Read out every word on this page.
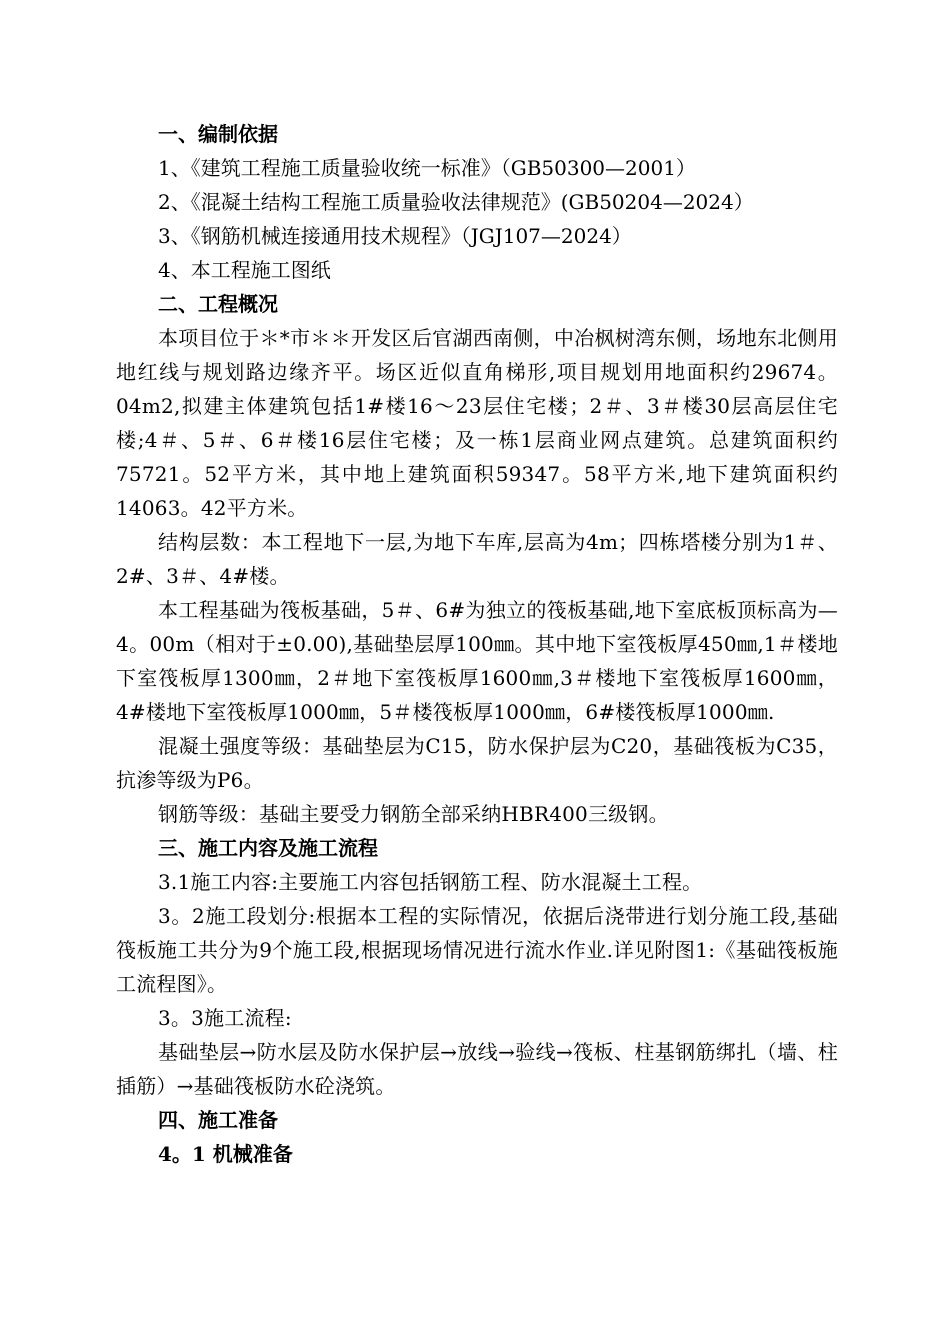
一、编制依据
1、《建筑工程施工质量验收统一标准》（GB50300—2001）
2、《混凝土结构工程施工质量验收法律规范》(GB50204—2024）
3、《钢筋机械连接通用技术规程》（JGJ107—2024）
4、本工程施工图纸
二、工程概况

本项目位于＊*市＊＊开发区后官湖西南侧，中冶枫树湾东侧，场地东北侧用地红线与规划路边缘齐平。场区近似直角梯形,项目规划用地面积约29674。04m2,拟建主体建筑包括1#楼16～23层住宅楼；2＃、3＃楼30层高层住宅楼;4＃、5＃、6＃楼16层住宅楼；及一栋1层商业网点建筑。总建筑面积约75721。52平方米，其中地上建筑面积59347。58平方米,地下建筑面积约14063。42平方米。

结构层数：本工程地下一层,为地下车库,层高为4m；四栋塔楼分别为1＃、2#、3＃、4#楼。

本工程基础为筏板基础，5＃、6#为独立的筏板基础,地下室底板顶标高为—4。00m（相对于±0.00),基础垫层厚100㎜。其中地下室筏板厚450㎜,1＃楼地下室筏板厚1300㎜，2＃地下室筏板厚1600㎜,3＃楼地下室筏板厚1600㎜，4#楼地下室筏板厚1000㎜，5＃楼筏板厚1000㎜，6#楼筏板厚1000㎜.

混凝土强度等级：基础垫层为C15，防水保护层为C20，基础筏板为C35，抗渗等级为P6。

钢筋等级：基础主要受力钢筋全部采纳HBR400三级钢。

三、施工内容及施工流程

3.1施工内容:主要施工内容包括钢筋工程、防水混凝土工程。

3。2施工段划分:根据本工程的实际情况，依据后浇带进行划分施工段,基础筏板施工共分为9个施工段,根据现场情况进行流水作业.详见附图1:《基础筏板施工流程图》。

3。3施工流程:

基础垫层→防水层及防水保护层→放线→验线→筏板、柱基钢筋绑扎（墙、柱插筋）→基础筏板防水砼浇筑。

四、施工准备
4。1 机械准备
